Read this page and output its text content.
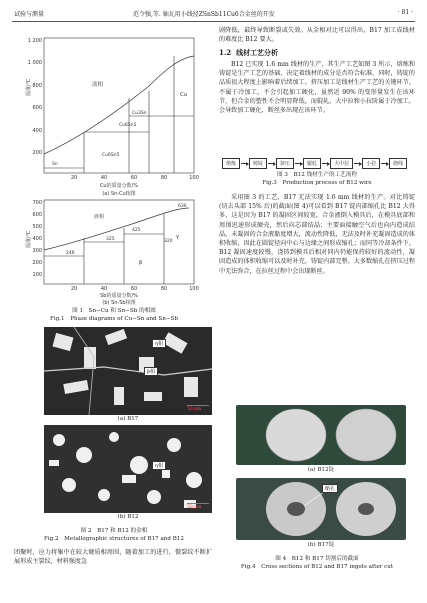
试验与测量	范令强,等. 轴瓦用小线径ZSnSb11Cu6合金丝的开发	· 81 ·
1 200
1 000
800
600
400
200
20	40	60	80	100
液相
Cu6Sn5
Cu3Sn
Cu
Cu6Sn5
Sn
温度/℃
Cu的质量分数/%
(a) Sn-Cu相图
700
600
500
400
300
200
100
20	40	60	80	100
液相
630
425
325	320
246
β
γ
温度/℃
Sb的质量分数/%
(b) Sn-Sb相图
图 1　Sn−Cu 和 Sn−Sb 的相图
Fig.1　Phase diagrams of Cu−Sn and Sn−Sb
η相
β相
50 μm
(a) B17
η相
50 μm
(b) B12
图 2　B17 和 B12 的金相
Fig.2　Metallographic structures of B17 and B12
团聚时，应力将集中在较大硬质相周围，随着加工的进行，微裂纹不断扩展形成主裂纹，材料强度急
剧降低，最终导致断裂或失效。从金相对比可以得出，B17 加工成线材的难度比 B12 要大。
1.2 线材工艺分析
B12 已实现 1.6 mm 线材的生产，其生产工艺如图 3 所示，熔炼和铸锭是生产工艺的基础，决定着线材的成分是否符合标准，同时，铸锭的品质很大程度上影响着后续加工。挤压加工是线材生产工艺的关键环节，不属于冷加工，不会引起加工硬化，虽然近 90% 的变形量发生在该环节，但合金的塑性不会明显降低。而辊轧、大中拉和小拉阶属于冷加工，会导致加工硬化，断丝多出现在该环节。
熔炼	铸锭	挤压	辊轧	大中拉	小拉	绕线
图 3　B12 线材生产的工艺流程
Fig.3　Production process of B12 wire
采用图 3 的工艺，B17 无法实现 1.6 mm 线材的生产。对比铸锭(切去头部 15% 后)的截面(图 4)可以看到 B17 锭内部缩孔比 B12 大得多，这是因为 B17 的凝固区间较宽，合金液倒入模具后，在模具底部和周围迅速形成硬壳，然后向芯部结晶；主要面接触空气后也向内造成结晶，未凝固的合金液黏度增大，流动性降低，无法及时补充凝固造成的体积收缩，因此在圆锭径向中心与边缘之间形成缩孔；而同等冷却条件下，B12 凝固速度较慢，浇铸到模具后相对同内仍能保持较好的流动性，凝固造成的体积收缩可以及时补充，铸锭内部完整。大多数缩孔在挤压过程中无法弥合，在拉丝过程中会出现断丝。
(a) B12锭
缩孔
(b) B17锭
图 4　B12 和 B17 切割后的截面
Fig.4　Cross sections of B12 and B17 ingots after cut
